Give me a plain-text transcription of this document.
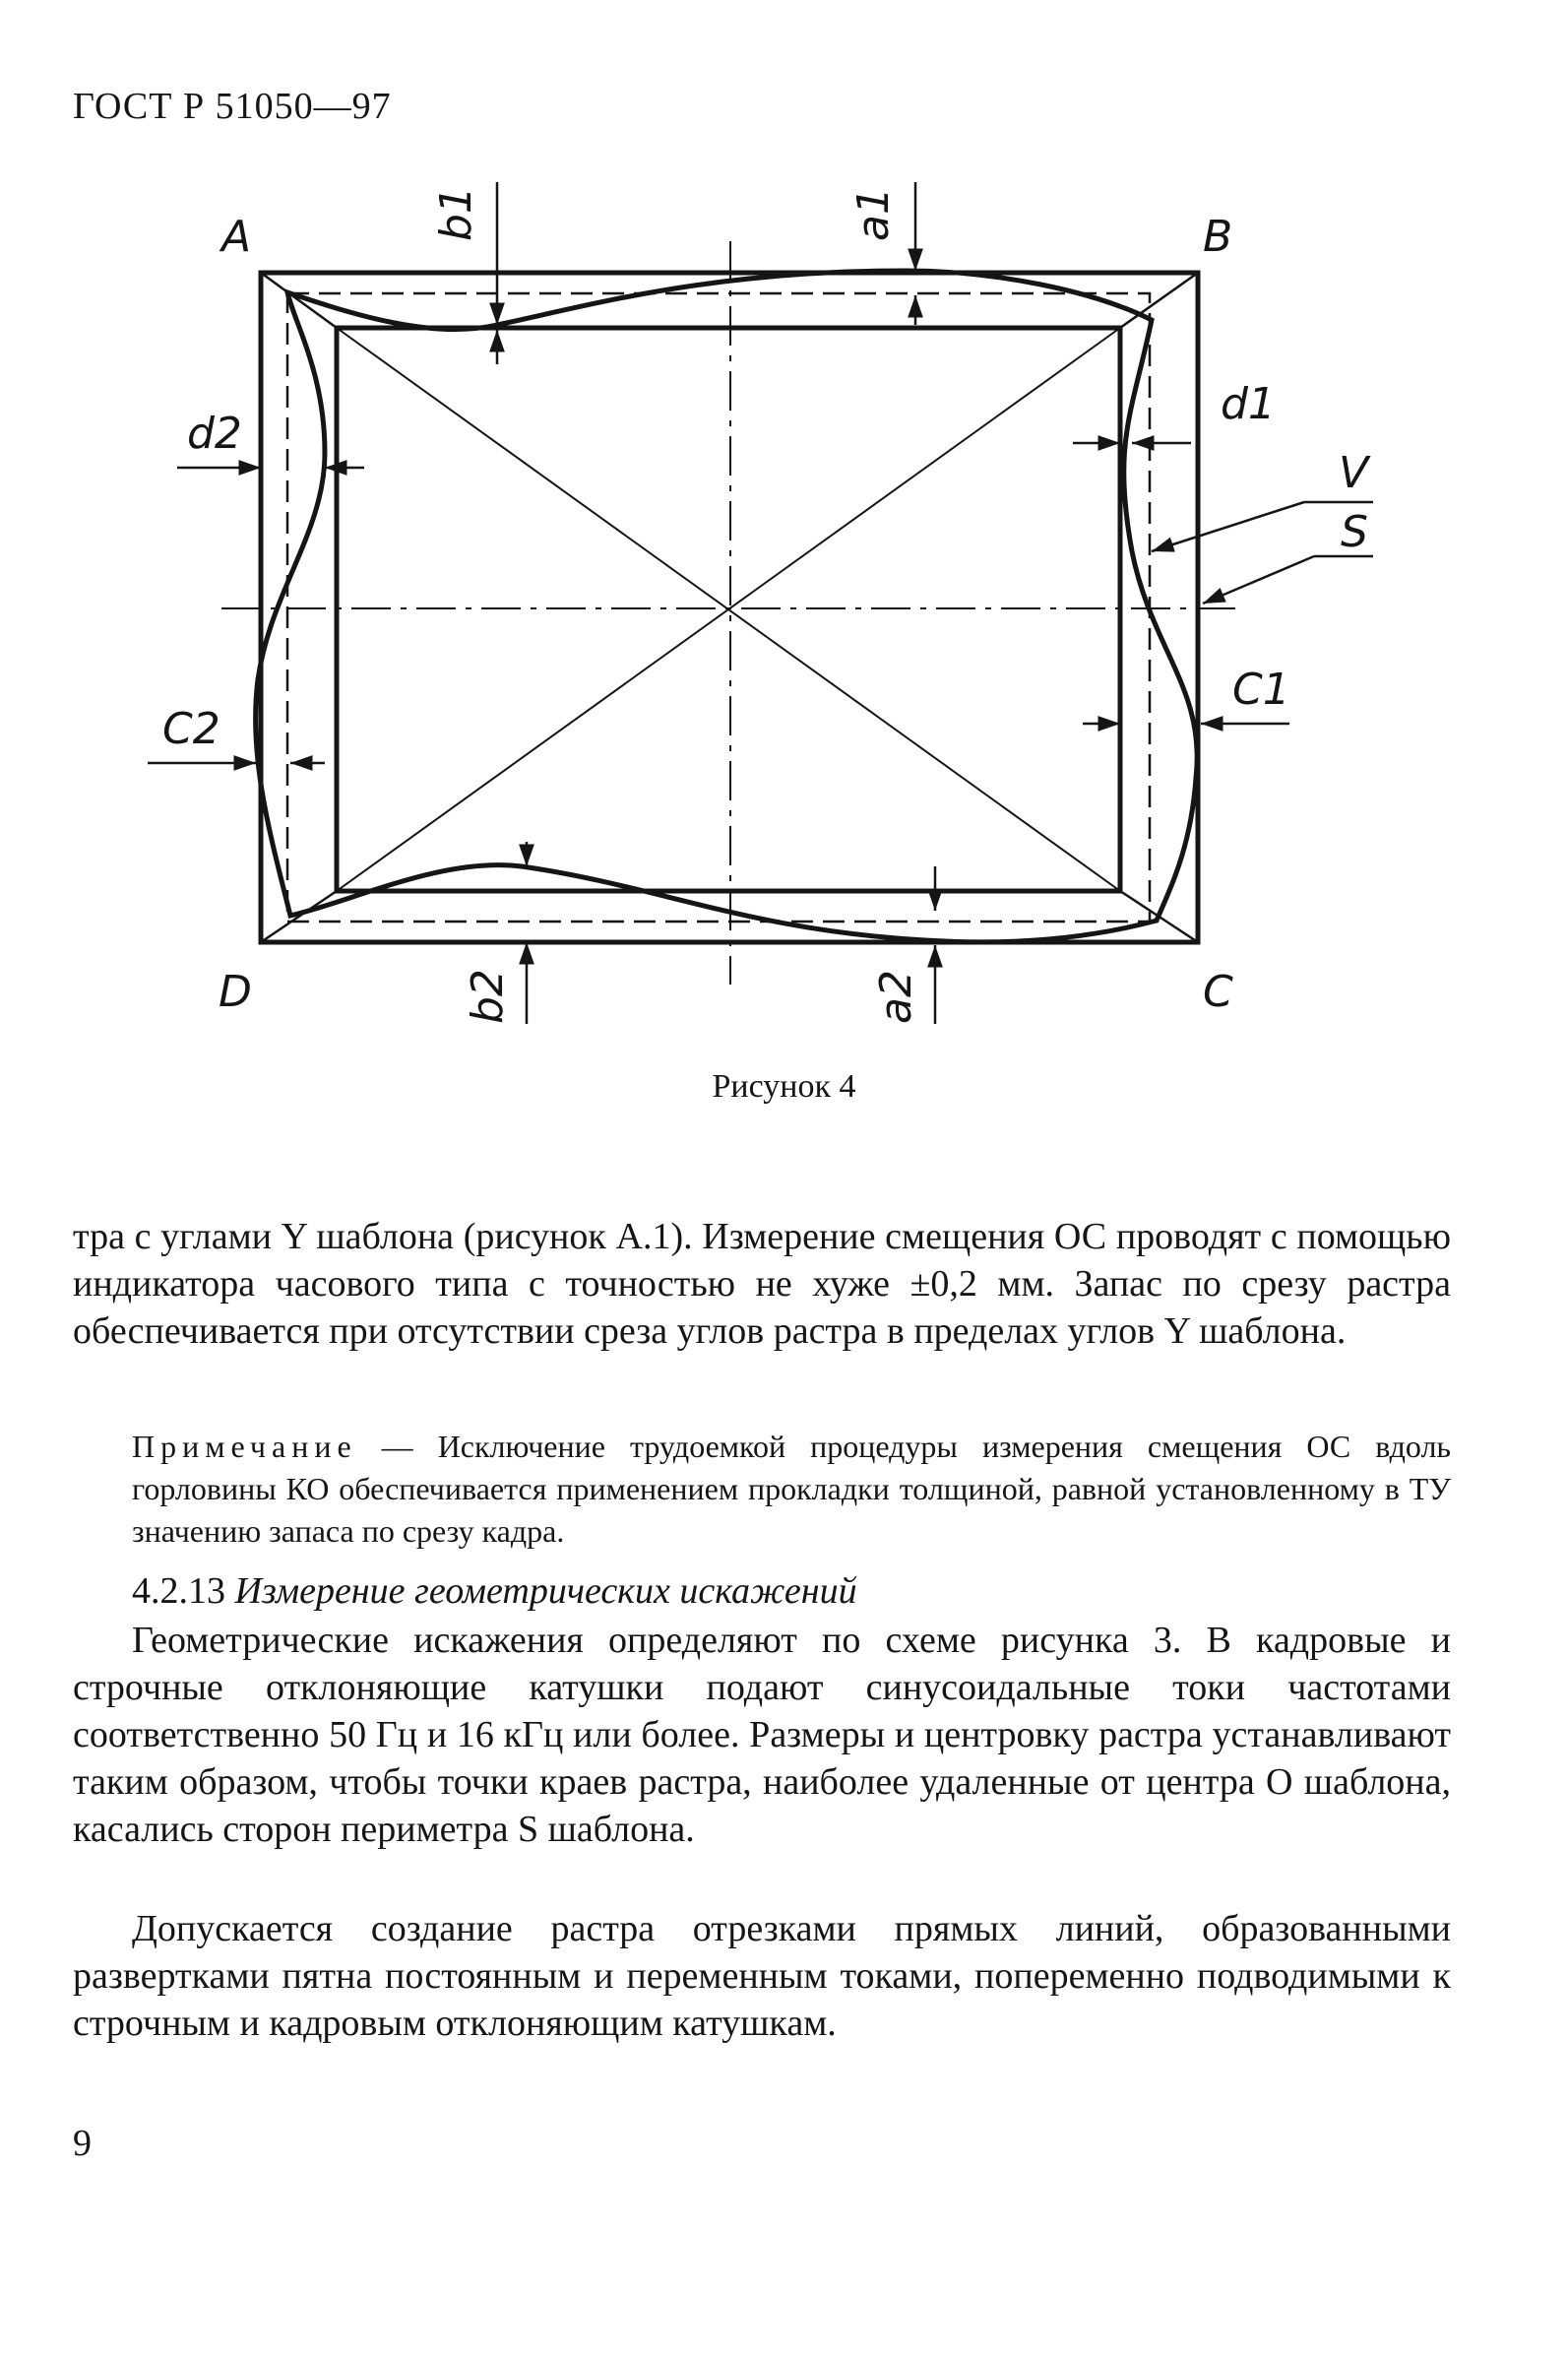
ГОСТ Р 51050—97
A	B
D	C
b1	a1
d1
d2
C1
C2
b2	a2
V
S
Рисунок 4

тра с углами Y шаблона (рисунок А.1). Измерение смещения ОС проводят с помощью индикатора часового типа с точностью не хуже ±0,2 мм. Запас по срезу растра обеспечивается при отсутствии среза углов растра в пределах углов Y шаблона.

Примечание — Исключение трудоемкой процедуры измерения смещения ОС вдоль горловины КО обеспечивается применением прокладки толщиной, равной установленному в ТУ значению запаса по срезу кадра.

4.2.13 Измерение геометрических искажений

Геометрические искажения определяют по схеме рисунка 3. В кадровые и строчные отклоняющие катушки подают синусоидальные токи частотами соответственно 50 Гц и 16 кГц или более. Размеры и центровку растра устанавливают таким образом, чтобы точки краев растра, наиболее удаленные от центра О шаблона, касались сторон периметра S шаблона.

Допускается создание растра отрезками прямых линий, образованными развертками пятна постоянным и переменным токами, попеременно подводимыми к строчным и кадровым отклоняющим катушкам.

9
